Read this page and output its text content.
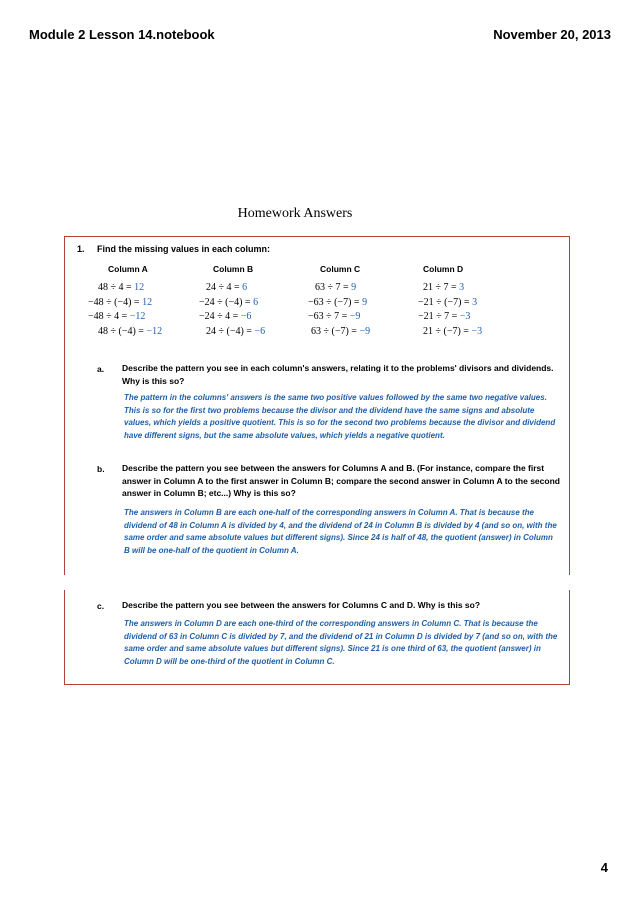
Module 2 Lesson 14.notebook	November 20, 2013
Homework Answers
1. Find the missing values in each column:
Column A
48 ÷ 4 = 12
−48 ÷ (−4) = 12
−48 ÷ 4 = −12
48 ÷ (−4) = −12
Column B
24 ÷ 4 = 6
−24 ÷ (−4) = 6
−24 ÷ 4 = −6
24 ÷ (−4) = −6
Column C
63 ÷ 7 = 9
−63 ÷ (−7) = 9
−63 ÷ 7 = −9
63 ÷ (−7) = −9
Column D
21 ÷ 7 = 3
−21 ÷ (−7) = 3
−21 ÷ 7 = −3
21 ÷ (−7) = −3
a. Describe the pattern you see in each column's answers, relating it to the problems' divisors and dividends. Why is this so?
The pattern in the columns' answers is the same two positive values followed by the same two negative values. This is so for the first two problems because the divisor and the dividend have the same signs and absolute values, which yields a positive quotient. This is so for the second two problems because the divisor and dividend have different signs, but the same absolute values, which yields a negative quotient.
b. Describe the pattern you see between the answers for Columns A and B. (For instance, compare the first answer in Column A to the first answer in Column B; compare the second answer in Column A to the second answer in Column B; etc...) Why is this so?
The answers in Column B are each one-half of the corresponding answers in Column A. That is because the dividend of 48 in Column A is divided by 4, and the dividend of 24 in Column B is divided by 4 (and so on, with the same order and same absolute values but different signs). Since 24 is half of 48, the quotient (answer) in Column B will be one-half of the quotient in Column A.
c. Describe the pattern you see between the answers for Columns C and D. Why is this so?
The answers in Column D are each one-third of the corresponding answers in Column C. That is because the dividend of 63 in Column C is divided by 7, and the dividend of 21 in Column D is divided by 7 (and so on, with the same order and same absolute values but different signs). Since 21 is one third of 63, the quotient (answer) in Column D will be one-third of the quotient in Column C.
4
